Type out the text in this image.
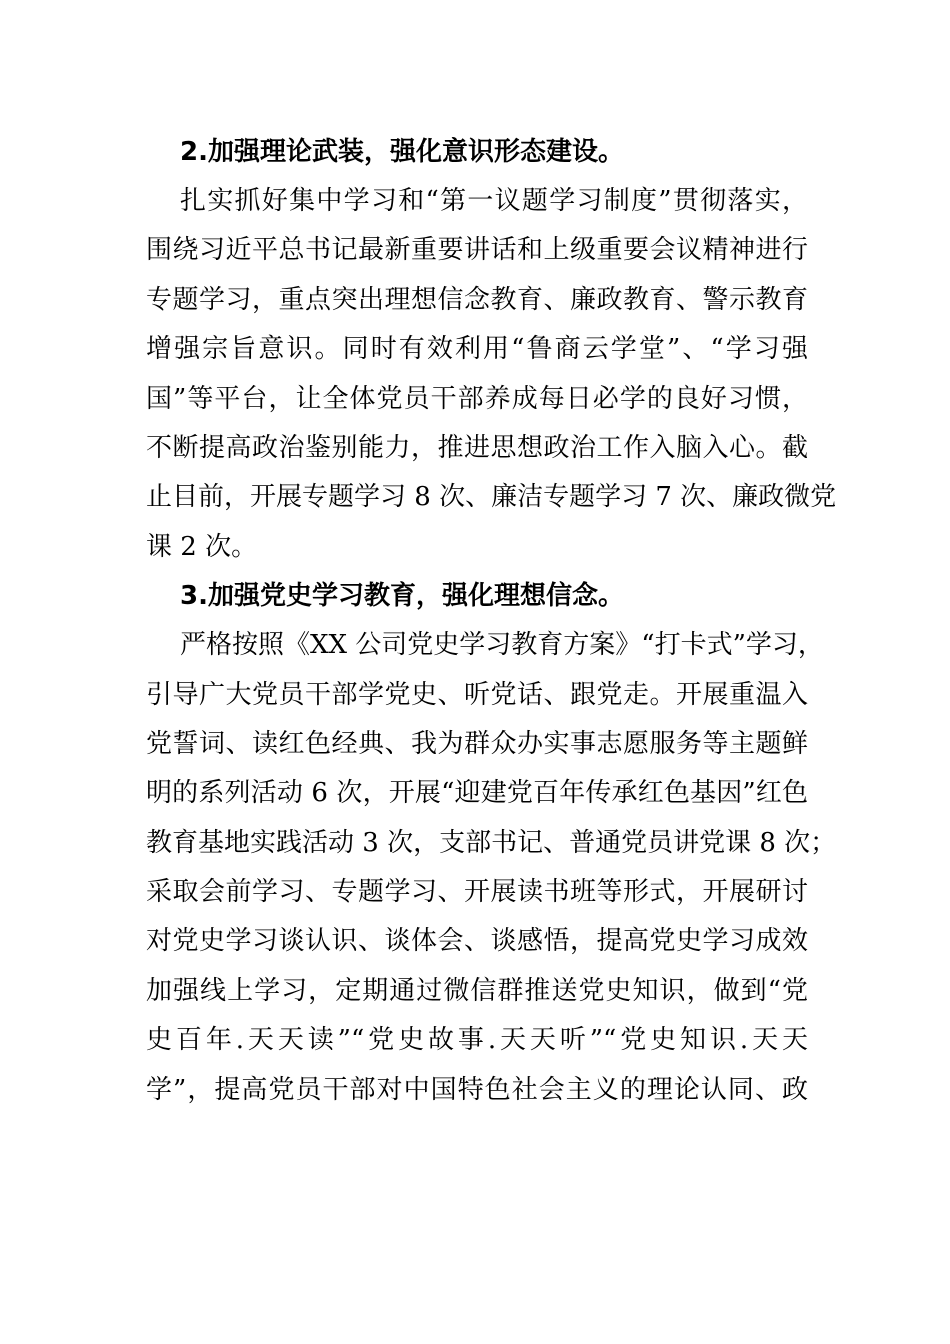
2.加强理论武装，强化意识形态建设。
扎实抓好集中学习和“第一议题学习制度”贯彻落实，
围绕习近平总书记最新重要讲话和上级重要会议精神进行
专题学习，重点突出理想信念教育、廉政教育、警示教育
增强宗旨意识。同时有效利用“鲁商云学堂”、“学习强
国”等平台，让全体党员干部养成每日必学的良好习惯，
不断提高政治鉴别能力，推进思想政治工作入脑入心。截
止目前，开展专题学习 8 次、廉洁专题学习 7 次、廉政微党
课 2 次。
3.加强党史学习教育，强化理想信念。
严格按照《XX 公司党史学习教育方案》“打卡式”学习，
引导广大党员干部学党史、听党话、跟党走。开展重温入
党誓词、读红色经典、我为群众办实事志愿服务等主题鲜
明的系列活动 6 次，开展“迎建党百年传承红色基因”红色
教育基地实践活动 3 次，支部书记、普通党员讲党课 8 次；
采取会前学习、专题学习、开展读书班等形式，开展研讨
对党史学习谈认识、谈体会、谈感悟，提高党史学习成效
加强线上学习，定期通过微信群推送党史知识，做到“党
史百年.天天读”“党史故事.天天听”“党史知识.天天
学”，提高党员干部对中国特色社会主义的理论认同、政
